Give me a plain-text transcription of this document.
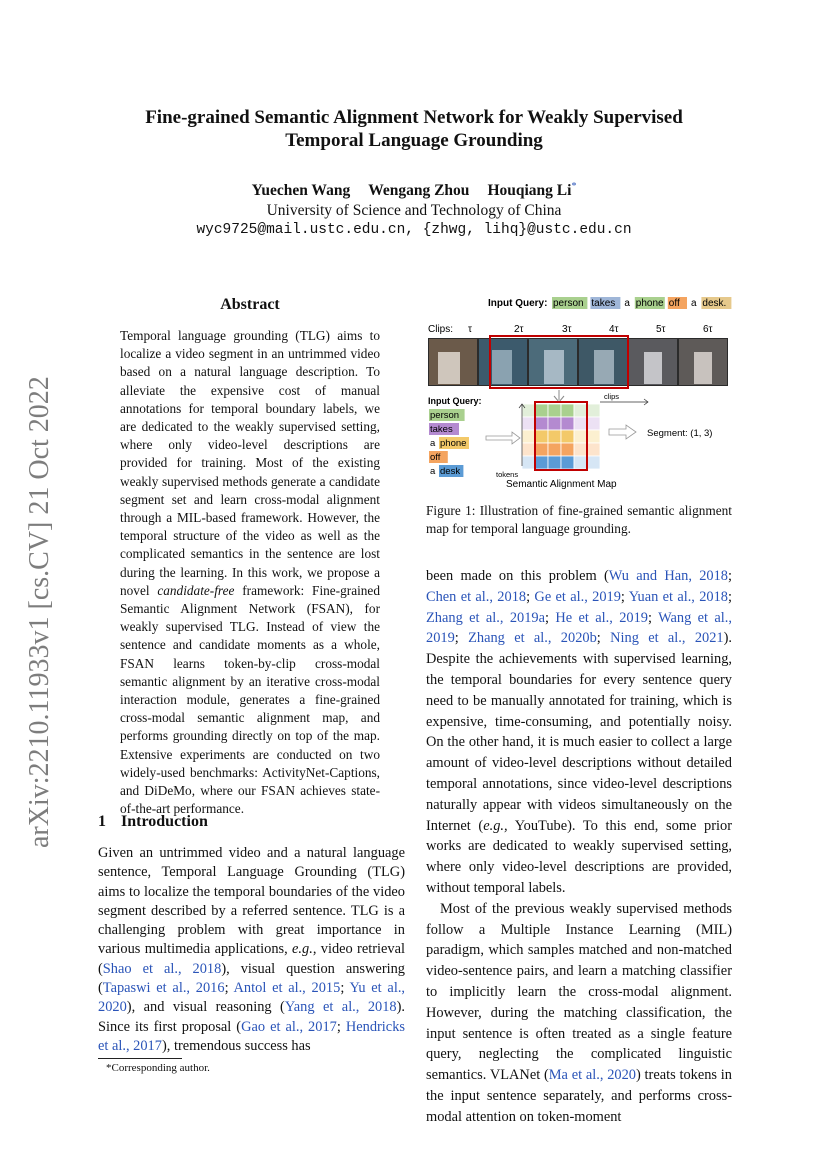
Fine-grained Semantic Alignment Network for Weakly Supervised
Temporal Language Grounding
Yuechen Wang Wengang Zhou Houqiang Li*
University of Science and Technology of China
wyc9725@mail.ustc.edu.cn, {zhwg, lihq}@ustc.edu.cn
arXiv:2210.11933v1 [cs.CV] 21 Oct 2022
Abstract
Temporal language grounding (TLG) aims to localize a video segment in an untrimmed video based on a natural language description. To alleviate the expensive cost of manual annotations for temporal boundary labels, we are dedicated to the weakly supervised setting, where only video-level descriptions are provided for training. Most of the existing weakly supervised methods generate a candidate segment set and learn cross-modal alignment through a MIL-based framework. However, the temporal structure of the video as well as the complicated semantics in the sentence are lost during the learning. In this work, we propose a novel candidate-free framework: Fine-grained Semantic Alignment Network (FSAN), for weakly supervised TLG. Instead of view the sentence and candidate moments as a whole, FSAN learns token-by-clip cross-modal semantic alignment by an iterative cross-modal interaction module, generates a fine-grained cross-modal semantic alignment map, and performs grounding directly on top of the map. Extensive experiments are conducted on two widely-used benchmarks: ActivityNet-Captions, and DiDeMo, where our FSAN achieves state-of-the-art performance.
1 Introduction
Given an untrimmed video and a natural language sentence, Temporal Language Grounding (TLG) aims to localize the temporal boundaries of the video segment described by a referred sentence. TLG is a challenging problem with great importance in various multimedia applications, e.g., video retrieval (Shao et al., 2018), visual question answering (Tapaswi et al., 2016; Antol et al., 2015; Yu et al., 2020), and visual reasoning (Yang et al., 2018). Since its first proposal (Gao et al., 2017; Hendricks et al., 2017), tremendous success has
*Corresponding author.
Input Query: person takes a phone off a desk.
Clips: τ	2τ	3τ	4τ	5τ	6τ
Input Query:
person
takes
a phone
off
a desk
clips
tokens
Segment: (1, 3)
Semantic Alignment Map
Figure 1: Illustration of fine-grained semantic alignment map for temporal language grounding.

been made on this problem (Wu and Han, 2018; Chen et al., 2018; Ge et al., 2019; Yuan et al., 2018; Zhang et al., 2019a; He et al., 2019; Wang et al., 2019; Zhang et al., 2020b; Ning et al., 2021). Despite the achievements with supervised learning, the temporal boundaries for every sentence query need to be manually annotated for training, which is expensive, time-consuming, and potentially noisy. On the other hand, it is much easier to collect a large amount of video-level descriptions without detailed temporal annotations, since video-level descriptions naturally appear with videos simultaneously on the Internet (e.g., YouTube). To this end, some prior works are dedicated to weakly supervised setting, where only video-level descriptions are provided, without temporal labels.

Most of the previous weakly supervised methods follow a Multiple Instance Learning (MIL) paradigm, which samples matched and non-matched video-sentence pairs, and learn a matching classifier to implicitly learn the cross-modal alignment. However, during the matching classification, the input sentence is often treated as a single feature query, neglecting the complicated linguistic semantics. VLANet (Ma et al., 2020) treats tokens in the input sentence separately, and performs cross-modal attention on token-moment
